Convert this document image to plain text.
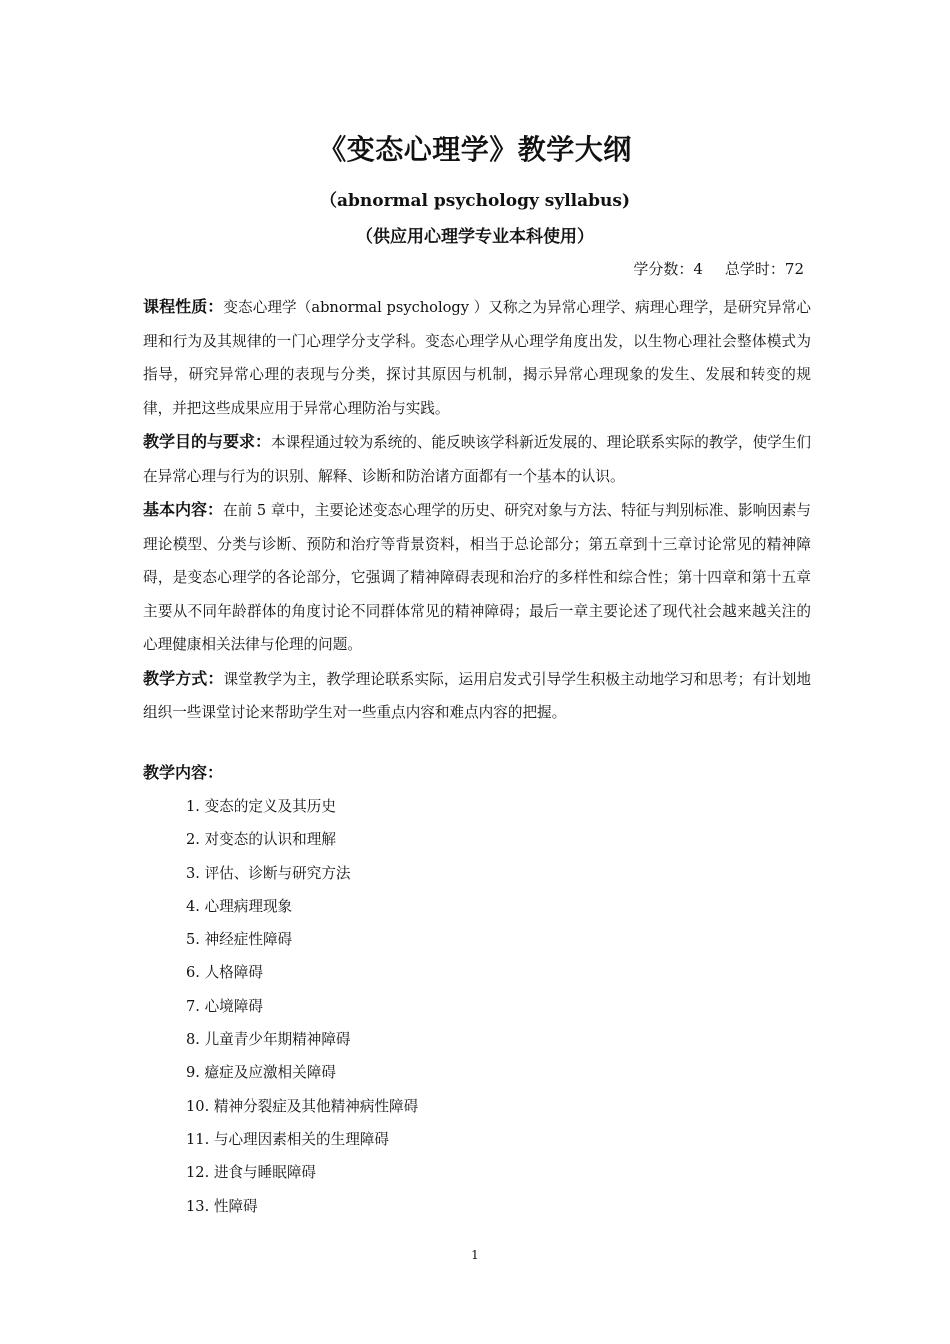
《变态心理学》教学大纲
（abnormal psychology syllabus)
（供应用心理学专业本科使用）
学分数：4 总学时：72

课程性质：变态心理学（abnormal psychology ）又称之为异常心理学、病理心理学，是研究异常心理和行为及其规律的一门心理学分支学科。变态心理学从心理学角度出发，以生物心理社会整体模式为指导，研究异常心理的表现与分类，探讨其原因与机制，揭示异常心理现象的发生、发展和转变的规律，并把这些成果应用于异常心理防治与实践。

教学目的与要求：本课程通过较为系统的、能反映该学科新近发展的、理论联系实际的教学，使学生们在异常心理与行为的识别、解释、诊断和防治诸方面都有一个基本的认识。

基本内容：在前 5 章中，主要论述变态心理学的历史、研究对象与方法、特征与判别标准、影响因素与理论模型、分类与诊断、预防和治疗等背景资料，相当于总论部分；第五章到十三章讨论常见的精神障碍，是变态心理学的各论部分，它强调了精神障碍表现和治疗的多样性和综合性；第十四章和第十五章主要从不同年龄群体的角度讨论不同群体常见的精神障碍；最后一章主要论述了现代社会越来越关注的心理健康相关法律与伦理的问题。

教学方式：课堂教学为主，教学理论联系实际，运用启发式引导学生积极主动地学习和思考；有计划地组织一些课堂讨论来帮助学生对一些重点内容和难点内容的把握。

教学内容：
1. 变态的定义及其历史
2. 对变态的认识和理解
3. 评估、诊断与研究方法
4. 心理病理现象
5. 神经症性障碍
6. 人格障碍
7. 心境障碍
8. 儿童青少年期精神障碍
9. 癔症及应激相关障碍
10. 精神分裂症及其他精神病性障碍
11. 与心理因素相关的生理障碍
12. 进食与睡眠障碍
13. 性障碍
1
